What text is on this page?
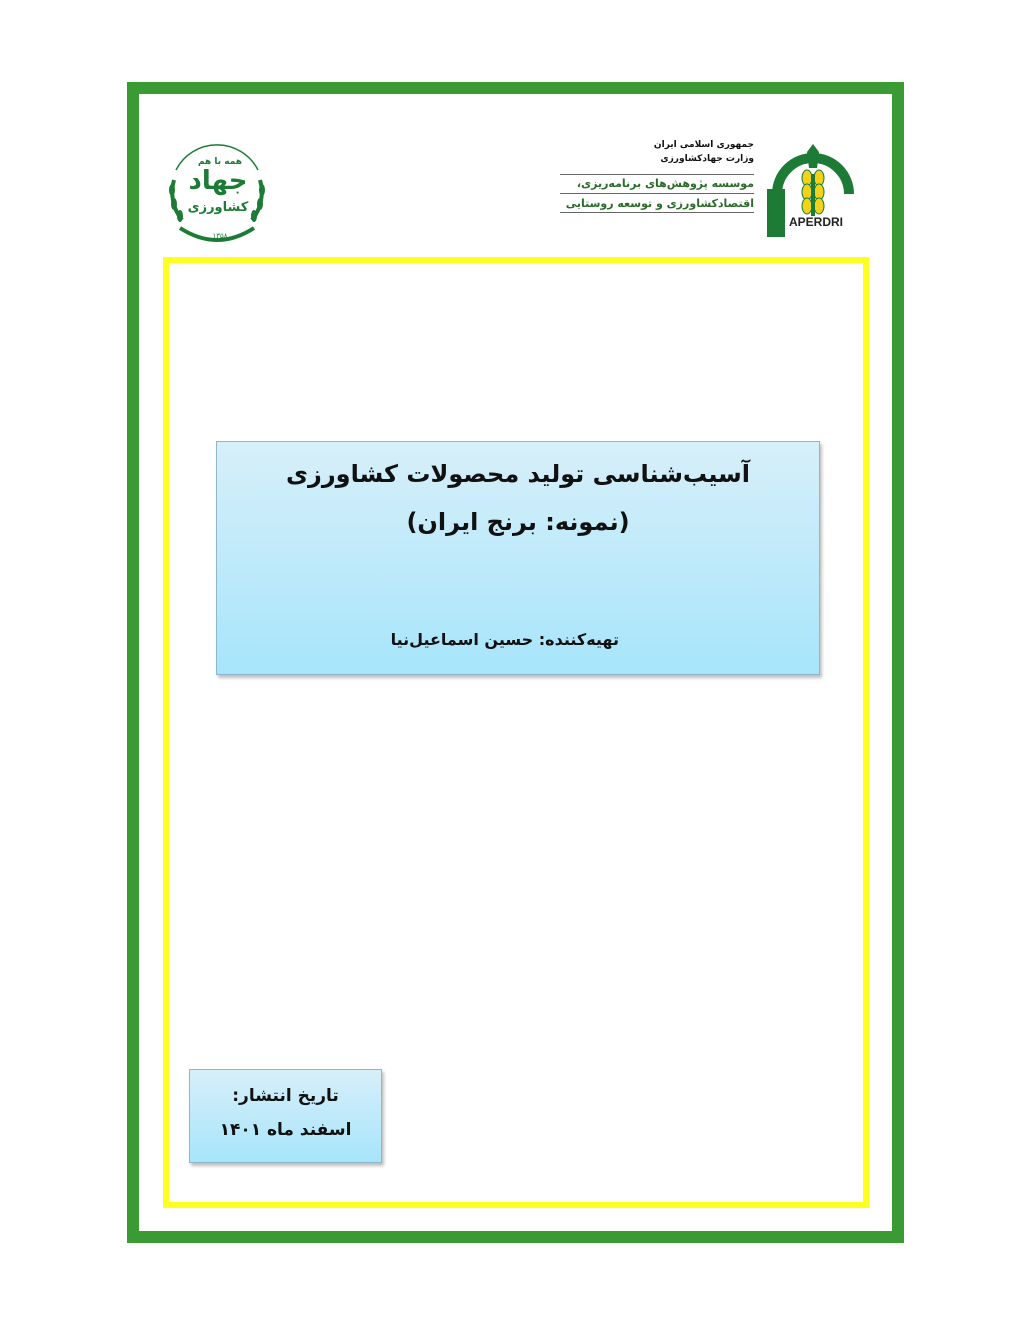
APERDRI
جمهوری اسلامی ایران
وزارت جهادکشاورزی
موسسه پژوهش‌های برنامه‌ریزی،
اقتصادکشاورزی و توسعه روستایی
همه با هم
جهاد
کشاورزی
۱۳۵۸
آسیب‌شناسی تولید محصولات کشاورزی
(نمونه: برنج ایران)
تهیه‌کننده: حسین اسماعیل‌نیا
تاریخ انتشار:
اسفند ماه ۱۴۰۱
